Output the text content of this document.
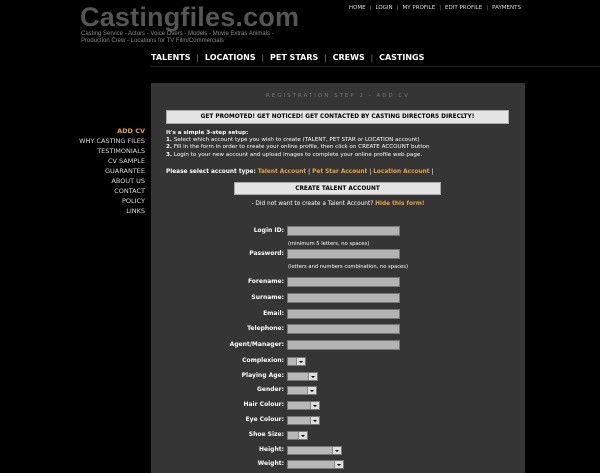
Castingfiles.com
Casting Service - Actors - Voice Overs - Models - Movie Extras Animals - Production Crew - Locations for TV Film/Commercials
HOME | LOGIN | MY PROFILE | EDIT PROFILE | PAYMENTS
TALENTS | LOCATIONS | PET STARS | CREWS | CASTINGS
ADD CV
WHY CASTING FILES
TESTIMONIALS
CV SAMPLE
GUARANTEE
ABOUT US
CONTACT
POLICY
LINKS
REGISTRATION STEP 2 - ADD CV
GET PROMOTED! GET NOTICED! GET CONTACTED BY CASTING DIRECTORS DIRECLTY!
It's a simple 3-step setup:
1. Select which account type you wish to create (TALENT, PET STAR or LOCATION account)
2. Fill in the form in order to create your online profile, then click on CREATE ACCOUNT button
3. Login to your new account and upload images to complete your online profile web page.
Please select account type: Talent Account | Pet Star Account | Location Account |
CREATE TALENT ACCOUNT
- Did not want to create a Talent Account? Hide this form!
Login ID:
(minimum 5 letters, no spaces)
Password:
(letters and numbers combination, no spaces)
Forename:
Surname:
Email:
Telephone:
Agent/Manager:
Complexion:
Playing Age:
Gender:
Hair Colour:
Eye Colour:
Shoe Size:
Height:
Weight:
